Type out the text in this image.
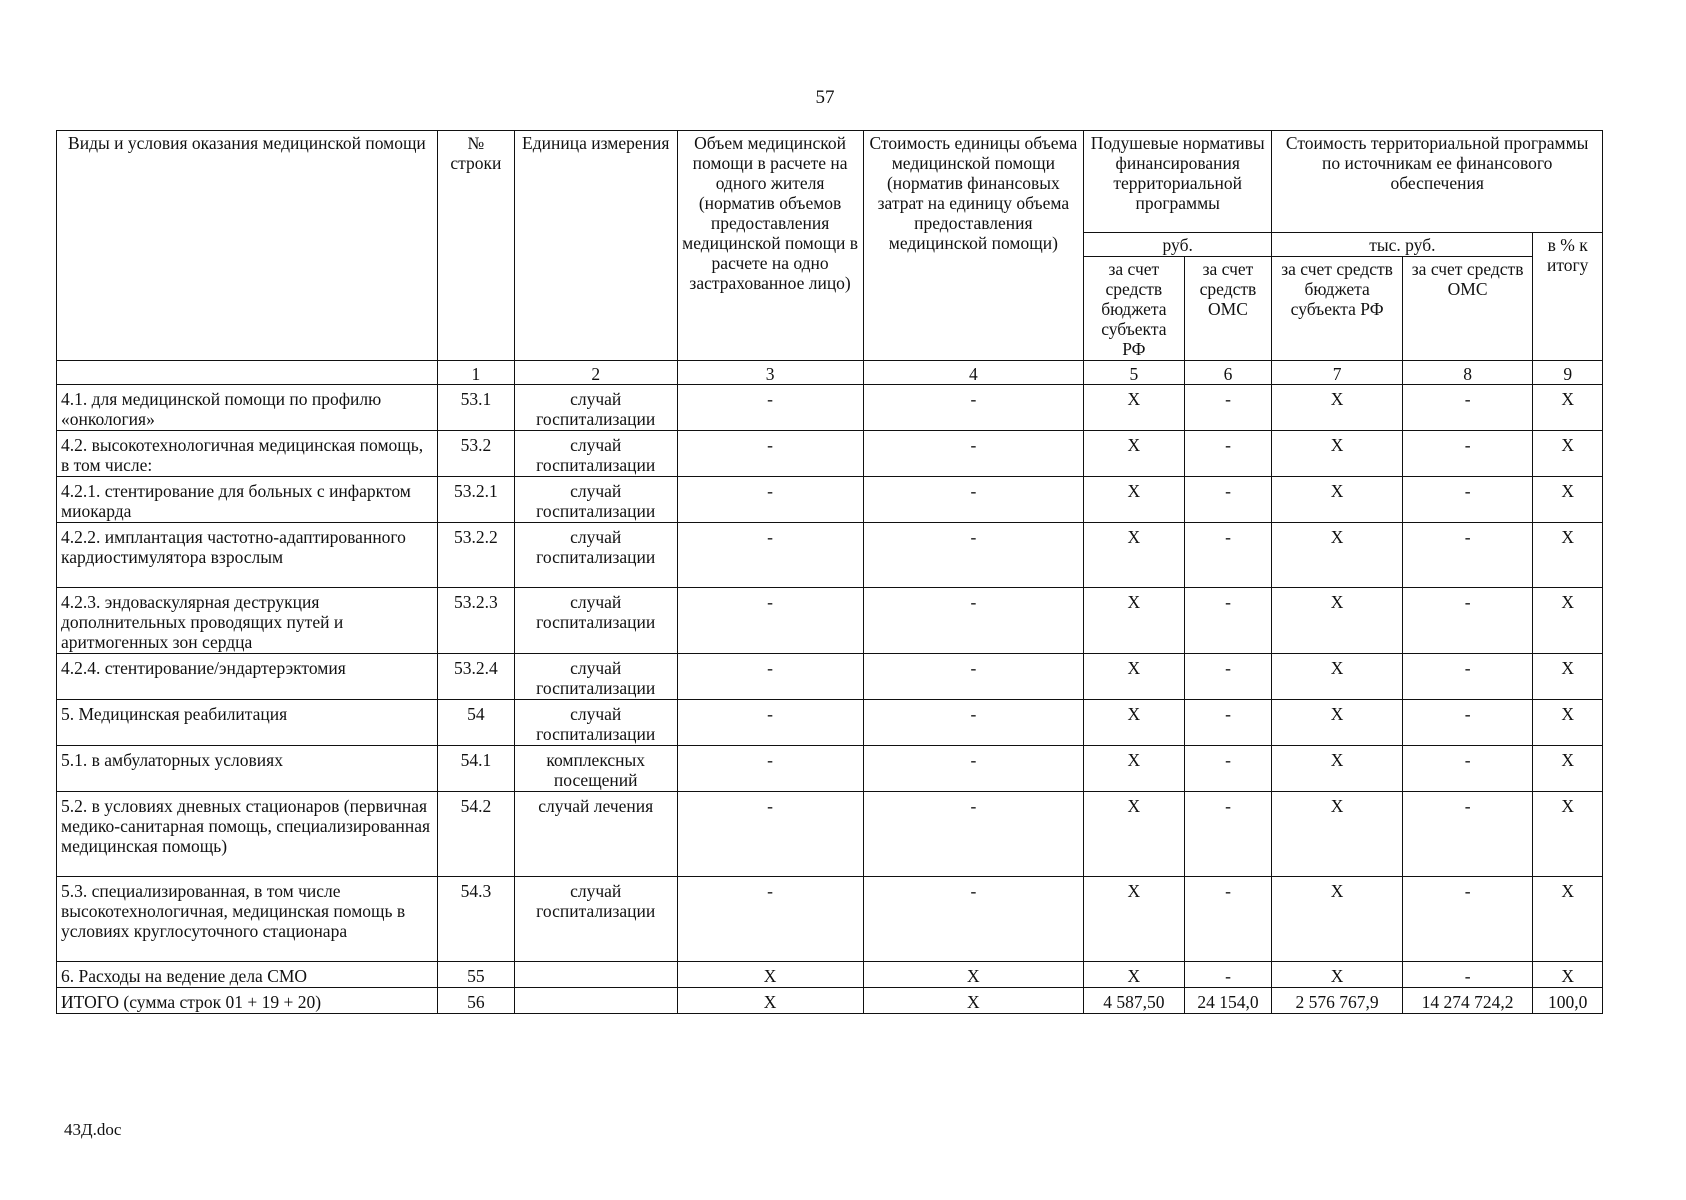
57
Виды и условия оказания медицинской помощи	№ строки	Единица измерения	Объем медицинской помощи в расчете на одного жителя (норматив объемов предоставления медицинской помощи в расчете на одно застрахованное лицо)	Стоимость единицы объема медицинской помощи (норматив финансовых затрат на единицу объема предоставления медицинской помощи)	Подушевые нормативы финансирования территориальной программы		Стоимость территориальной программы по источникам ее финансового обеспечения		
					руб.		тыс. руб.		в % к итогу
					за счет средств бюджета субъекта РФ	за счет средств ОМС	за счет средств бюджета субъекта РФ	за счет средств ОМС	
	1	2	3	4	5	6	7	8	9
4.1. для медицинской помощи по профилю «онкология»	53.1	случай госпитализации	-	-	Х	-	Х	-	Х
4.2. высокотехнологичная медицинская помощь, в том числе:	53.2	случай госпитализации	-	-	Х	-	Х	-	Х
4.2.1. стентирование для больных с инфарктом миокарда	53.2.1	случай госпитализации	-	-	Х	-	Х	-	Х
4.2.2. имплантация частотно-адаптированного кардиостимулятора взрослым	53.2.2	случай госпитализации	-	-	Х	-	Х	-	Х
4.2.3. эндоваскулярная деструкция дополнительных проводящих путей и аритмогенных зон сердца	53.2.3	случай госпитализации	-	-	Х	-	Х	-	Х
4.2.4. стентирование/эндартерэктомия	53.2.4	случай госпитализации	-	-	Х	-	Х	-	Х
5. Медицинская реабилитация	54	случай госпитализации	-	-	Х	-	Х	-	Х
5.1. в амбулаторных условиях	54.1	комплексных посещений	-	-	Х	-	Х	-	Х
5.2. в условиях дневных стационаров (первичная медико-санитарная помощь, специализированная медицинская помощь)	54.2	случай лечения	-	-	Х	-	Х	-	Х
5.3. специализированная, в том числе высокотехнологичная, медицинская помощь в условиях круглосуточного стационара	54.3	случай госпитализации	-	-	Х	-	Х	-	Х
6. Расходы на ведение дела СМО	55		Х	Х	Х	-	Х	-	Х
ИТОГО (сумма строк 01 + 19 + 20)	56		Х	Х	4 587,50	24 154,0	2 576 767,9	14 274 724,2	100,0
43Д.doc
